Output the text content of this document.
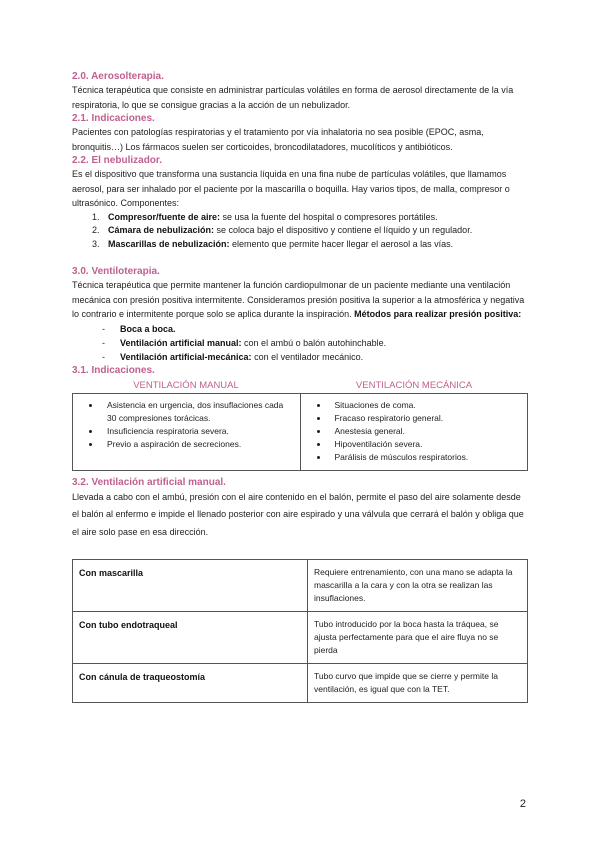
2.0. Aerosolterapia.

Técnica terapéutica que consiste en administrar partículas volátiles en forma de aerosol directamente de la vía respiratoria, lo que se consigue gracias a la acción de un nebulizador.

2.1. Indicaciones.

Pacientes con patologías respiratorias y el tratamiento por vía inhalatoria no sea posible (EPOC, asma, bronquitis…) Los fármacos suelen ser corticoides, broncodilatadores, mucolíticos y antibióticos.

2.2. El nebulizador.

Es el dispositivo que transforma una sustancia líquida en una fina nube de partículas volátiles, que llamamos aerosol, para ser inhalado por el paciente por la mascarilla o boquilla. Hay varios tipos, de malla, compresor o ultrasónico. Componentes:

1. Compresor/fuente de aire: se usa la fuente del hospital o compresores portátiles.
2. Cámara de nebulización: se coloca bajo el dispositivo y contiene el líquido y un regulador.
3. Mascarillas de nebulización: elemento que permite hacer llegar el aerosol a las vías.
3.0. Ventiloterapia.

Técnica terapéutica que permite mantener la función cardiopulmonar de un paciente mediante una ventilación mecánica con presión positiva intermitente. Consideramos presión positiva la superior a la atmosférica y negativa lo contrario e intermitente porque solo se aplica durante la inspiración. Métodos para realizar presión positiva:

- Boca a boca.
- Ventilación artificial manual: con el ambú o balón autohinchable.
- Ventilación artificial-mecánica: con el ventilador mecánico.
3.1. Indicaciones.
VENTILACIÓN MANUAL	VENTILACIÓN MECÁNICA
• Asistencia en urgencia, dos insuflaciones cada 30 compresiones torácicas.
• Insuficiencia respiratoria severa.
• Previo a aspiración de secreciones.

• Situaciones de coma.
• Fracaso respiratorio general.
• Anestesia general.
• Hipoventilación severa.
• Parálisis de músculos respiratorios.
3.2. Ventilación artificial manual.

Llevada a cabo con el ambú, presión con el aire contenido en el balón, permite el paso del aire solamente desde el balón al enfermo e impide el llenado posterior con aire espirado y una válvula que cerrará el balón y obliga que el aire solo pase en esa dirección.

Con mascarilla	Requiere entrenamiento, con una mano se adapta la mascarilla a la cara y con la otra se realizan las insuflaciones.
Con tubo endotraqueal	Tubo introducido por la boca hasta la tráquea, se ajusta perfectamente para que el aire fluya no se pierda
Con cánula de traqueostomía	Tubo curvo que impide que se cierre y permite la ventilación, es igual que con la TET.
2
